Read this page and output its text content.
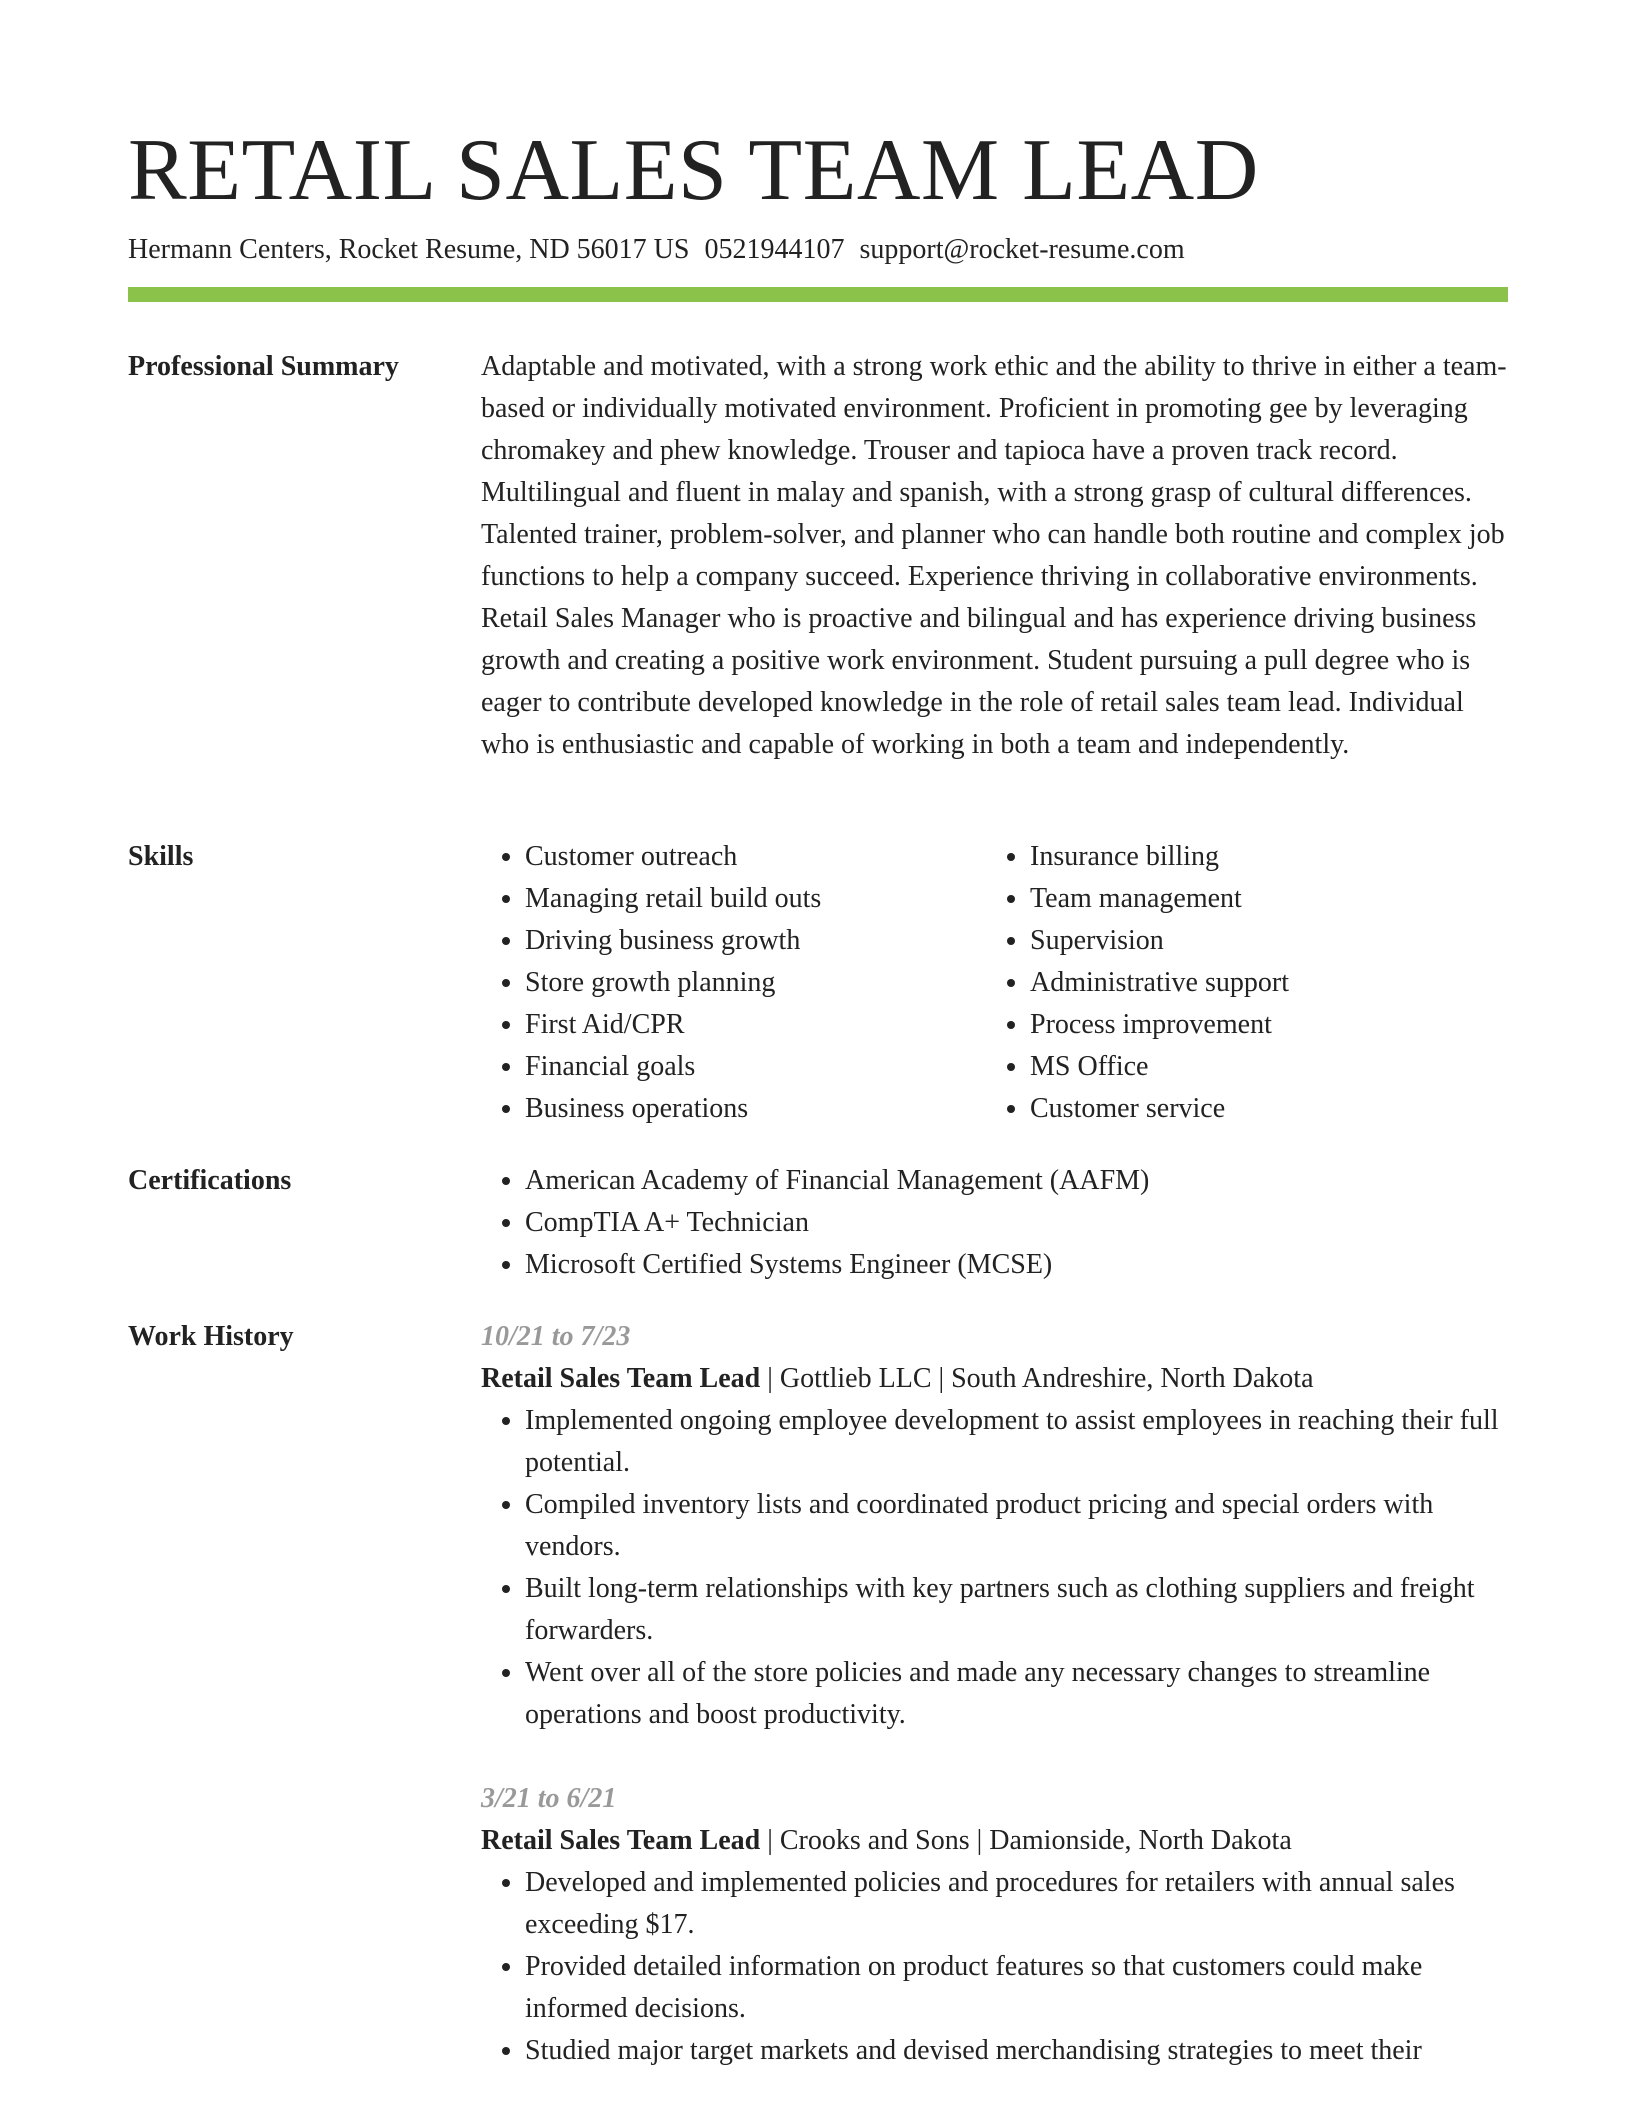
RETAIL SALES TEAM LEAD
Hermann Centers, Rocket Resume, ND 56017 US 0521944107 support@rocket-resume.com
Professional Summary	Adaptable and motivated, with a strong work ethic and the ability to thrive in either a team-based or individually motivated environment. Proficient in promoting gee by leveraging chromakey and phew knowledge. Trouser and tapioca have a proven track record. Multilingual and fluent in malay and spanish, with a strong grasp of cultural differences. Talented trainer, problem-solver, and planner who can handle both routine and complex job functions to help a company succeed. Experience thriving in collaborative environments. Retail Sales Manager who is proactive and bilingual and has experience driving business growth and creating a positive work environment. Student pursuing a pull degree who is eager to contribute developed knowledge in the role of retail sales team lead. Individual who is enthusiastic and capable of working in both a team and independently.

Skills	• Customer outreach
• Managing retail build outs
• Driving business growth
• Store growth planning
• First Aid/CPR
• Financial goals
• Business operations
• Insurance billing
• Team management
• Supervision
• Administrative support
• Process improvement
• MS Office
• Customer service
Certifications	• American Academy of Financial Management (AAFM)
• CompTIA A+ Technician
• Microsoft Certified Systems Engineer (MCSE)
Work History	10/21 to 7/23
Retail Sales Team Lead | Gottlieb LLC | South Andreshire, North Dakota
• Implemented ongoing employee development to assist employees in reaching their full potential.
• Compiled inventory lists and coordinated product pricing and special orders with vendors.
• Built long-term relationships with key partners such as clothing suppliers and freight forwarders.
• Went over all of the store policies and made any necessary changes to streamline operations and boost productivity.
3/21 to 6/21
Retail Sales Team Lead | Crooks and Sons | Damionside, North Dakota
• Developed and implemented policies and procedures for retailers with annual sales exceeding $17.
• Provided detailed information on product features so that customers could make informed decisions.
• Studied major target markets and devised merchandising strategies to meet their
